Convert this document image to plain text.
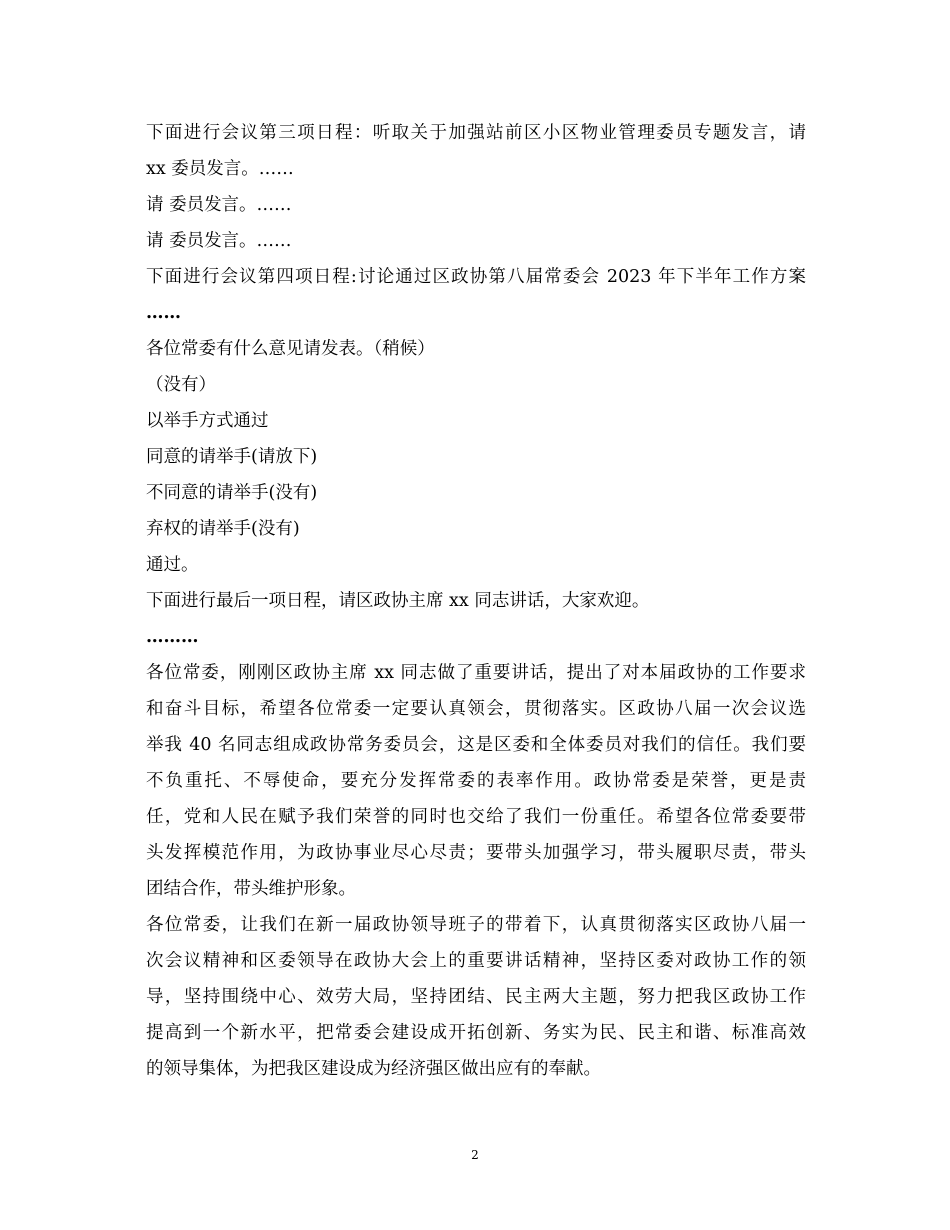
下面进行会议第三项日程：听取关于加强站前区小区物业管理委员专题发言，请
xx 委员发言。……
请 委员发言。……
请 委员发言。……
下面进行会议第四项日程:讨论通过区政协第八届常委会 2023 年下半年工作方案
……
各位常委有什么意见请发表。（稍候）
（没有）
以举手方式通过
同意的请举手(请放下)
不同意的请举手(没有)
弃权的请举手(没有)
通过。
下面进行最后一项日程，请区政协主席 xx 同志讲话，大家欢迎。
………
各位常委，刚刚区政协主席 xx 同志做了重要讲话，提出了对本届政协的工作要求
和奋斗目标，希望各位常委一定要认真领会，贯彻落实。区政协八届一次会议选
举我 40 名同志组成政协常务委员会，这是区委和全体委员对我们的信任。我们要
不负重托、不辱使命，要充分发挥常委的表率作用。政协常委是荣誉，更是责
任，党和人民在赋予我们荣誉的同时也交给了我们一份重任。希望各位常委要带
头发挥模范作用，为政协事业尽心尽责；要带头加强学习，带头履职尽责，带头
团结合作，带头维护形象。
各位常委，让我们在新一届政协领导班子的带着下，认真贯彻落实区政协八届一
次会议精神和区委领导在政协大会上的重要讲话精神，坚持区委对政协工作的领
导，坚持围绕中心、效劳大局，坚持团结、民主两大主题，努力把我区政协工作
提高到一个新水平，把常委会建设成开拓创新、务实为民、民主和谐、标准高效
的领导集体，为把我区建设成为经济强区做出应有的奉献。
2
